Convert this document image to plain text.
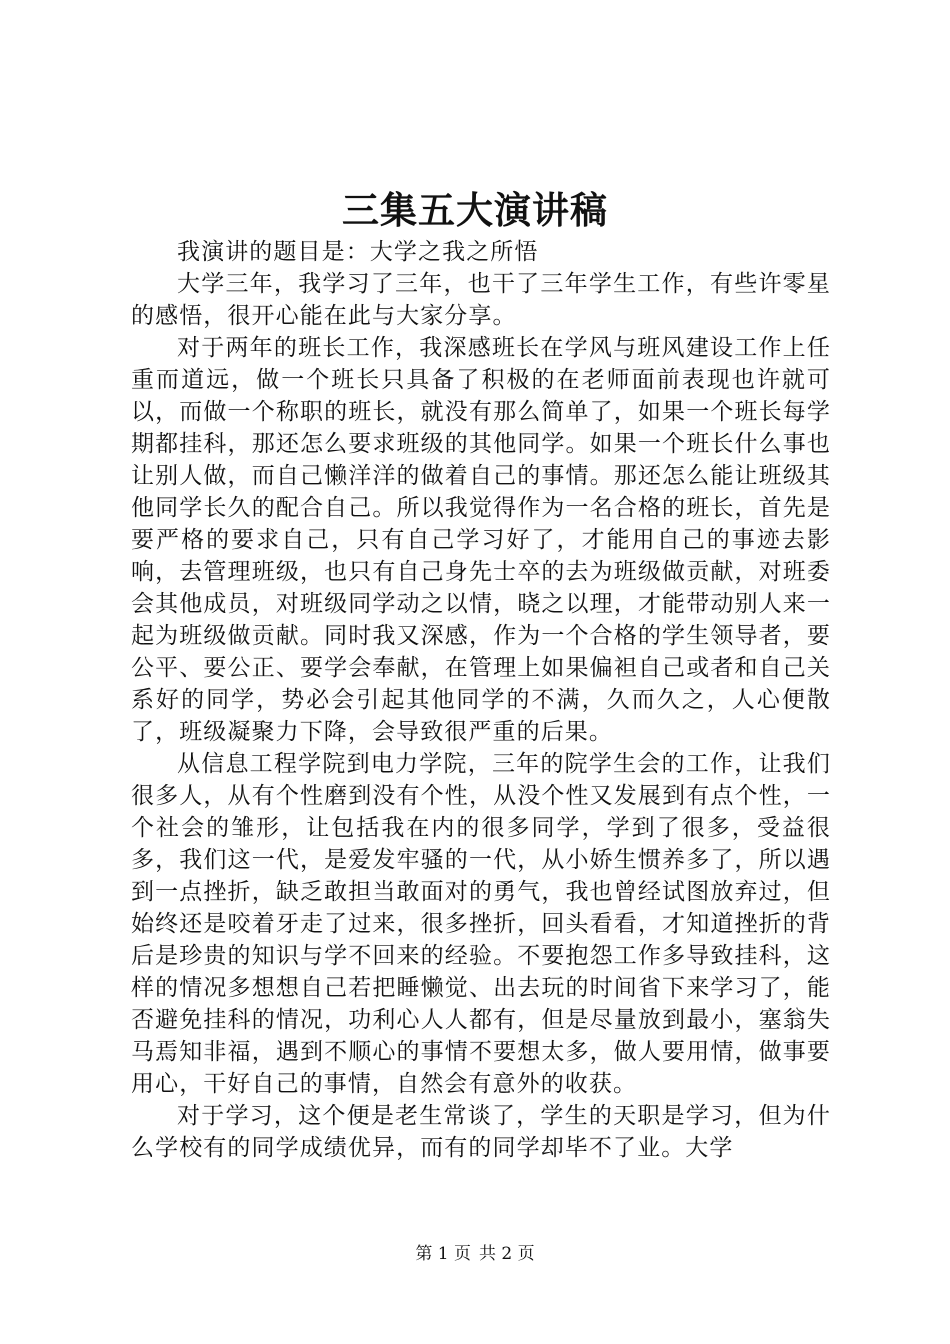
三集五大演讲稿

我演讲的题目是：大学之我之所悟

大学三年，我学习了三年，也干了三年学生工作，有些许零星的感悟，很开心能在此与大家分享。

对于两年的班长工作，我深感班长在学风与班风建设工作上任重而道远，做一个班长只具备了积极的在老师面前表现也许就可以，而做一个称职的班长，就没有那么简单了，如果一个班长每学期都挂科，那还怎么要求班级的其他同学。如果一个班长什么事也让别人做，而自己懒洋洋的做着自己的事情。那还怎么能让班级其他同学长久的配合自己。所以我觉得作为一名合格的班长，首先是要严格的要求自己，只有自己学习好了，才能用自己的事迹去影响，去管理班级，也只有自己身先士卒的去为班级做贡献，对班委会其他成员，对班级同学动之以情，晓之以理，才能带动别人来一起为班级做贡献。同时我又深感，作为一个合格的学生领导者，要公平、要公正、要学会奉献，在管理上如果偏袒自己或者和自己关系好的同学，势必会引起其他同学的不满，久而久之，人心便散了，班级凝聚力下降，会导致很严重的后果。

从信息工程学院到电力学院，三年的院学生会的工作，让我们很多人，从有个性磨到没有个性，从没个性又发展到有点个性，一个社会的雏形，让包括我在内的很多同学，学到了很多，受益很多，我们这一代，是爱发牢骚的一代，从小娇生惯养多了，所以遇到一点挫折，缺乏敢担当敢面对的勇气，我也曾经试图放弃过，但始终还是咬着牙走了过来，很多挫折，回头看看，才知道挫折的背后是珍贵的知识与学不回来的经验。不要抱怨工作多导致挂科，这样的情况多想想自己若把睡懒觉、出去玩的时间省下来学习了，能否避免挂科的情况，功利心人人都有，但是尽量放到最小，塞翁失马焉知非福，遇到不顺心的事情不要想太多，做人要用情，做事要用心，干好自己的事情，自然会有意外的收获。

对于学习，这个便是老生常谈了，学生的天职是学习，但为什么学校有的同学成绩优异，而有的同学却毕不了业。大学

第 1 页 共 2 页
